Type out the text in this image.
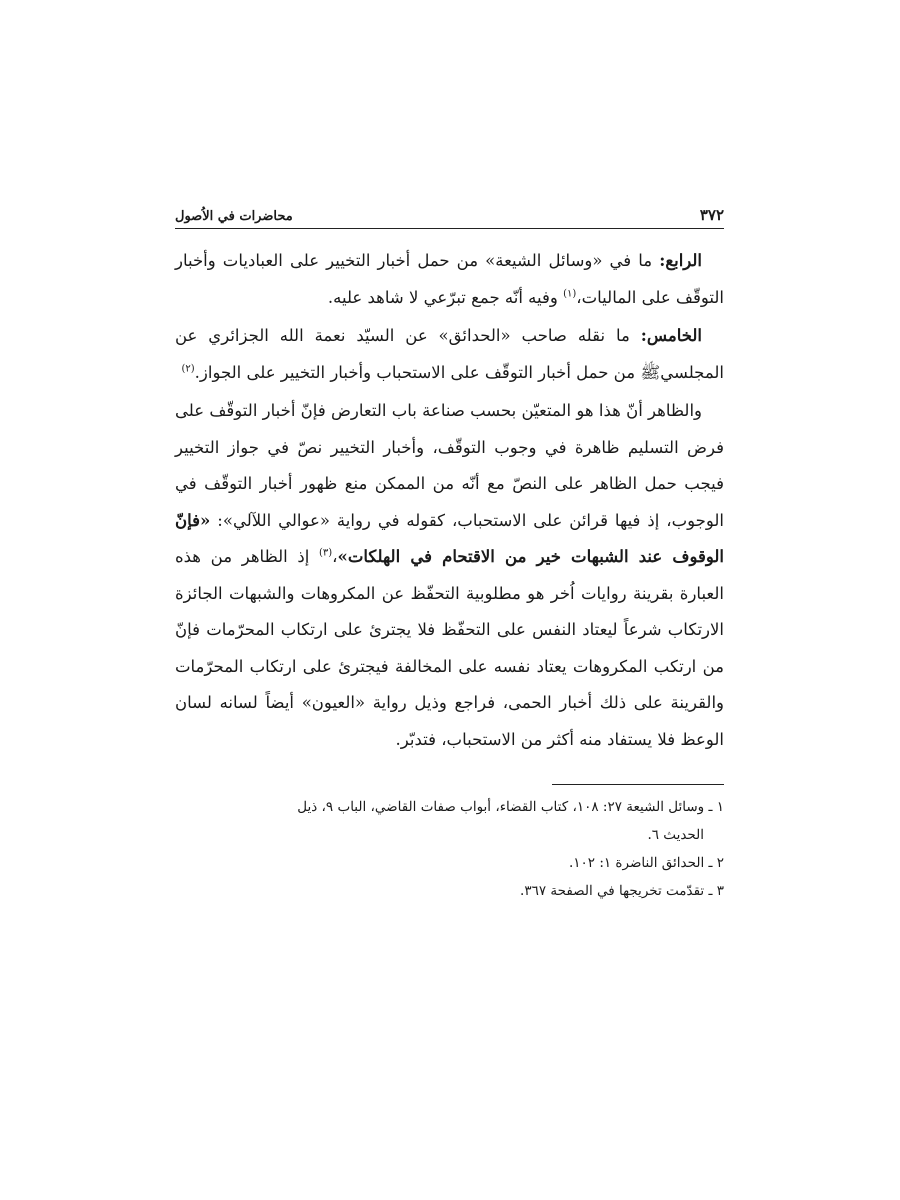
٣٧٢
محاضرات في الاُصول

الرابع: ما في «وسائل الشيعة» من حمل أخبار التخيير على العباديات وأخبار التوقّف على الماليات،$^{(١)}$ وفيه أنّه جمع تبرّعي لا شاهد عليه.

الخامس: ما نقله صاحب «الحدائق» عن السيّد نعمة الله الجزائري عن المجلسيﷺ من حمل أخبار التوقّف على الاستحباب وأخبار التخيير على الجواز.$^{(٢)}$

والظاهر أنّ هذا هو المتعيّن بحسب صناعة باب التعارض فإنّ أخبار التوقّف على فرض التسليم ظاهرة في وجوب التوقّف، وأخبار التخيير نصّ في جواز التخيير فيجب حمل الظاهر على النصّ مع أنّه من الممكن منع ظهور أخبار التوقّف في الوجوب، إذ فيها قرائن على الاستحباب، كقوله في رواية «عوالي اللآلي»: «فإنّ الوقوف عند الشبهات خير من الاقتحام في الهلكات»،$^{(٣)}$ إذ الظاهر من هذه العبارة بقرينة روايات اُخر هو مطلوبية التحفّظ عن المكروهات والشبهات الجائزة الارتكاب شرعاً ليعتاد النفس على التحفّظ فلا يجترئ على ارتكاب المحرّمات فإنّ من ارتكب المكروهات يعتاد نفسه على المخالفة فيجترئ على ارتكاب المحرّمات والقرينة على ذلك أخبار الحمى، فراجع وذيل رواية «العيون» أيضاً لسانه لسان الوعظ فلا يستفاد منه أكثر من الاستحباب، فتدبّر.

١ ـ وسائل الشيعة ٢٧: ١٠٨، كتاب القضاء، أبواب صفات القاضي، الباب ٩، ذيل
الحديث ٦.

٢ ـ الحدائق الناضرة ١: ١٠٢.

٣ ـ تقدّمت تخريجها في الصفحة ٣٦٧.
